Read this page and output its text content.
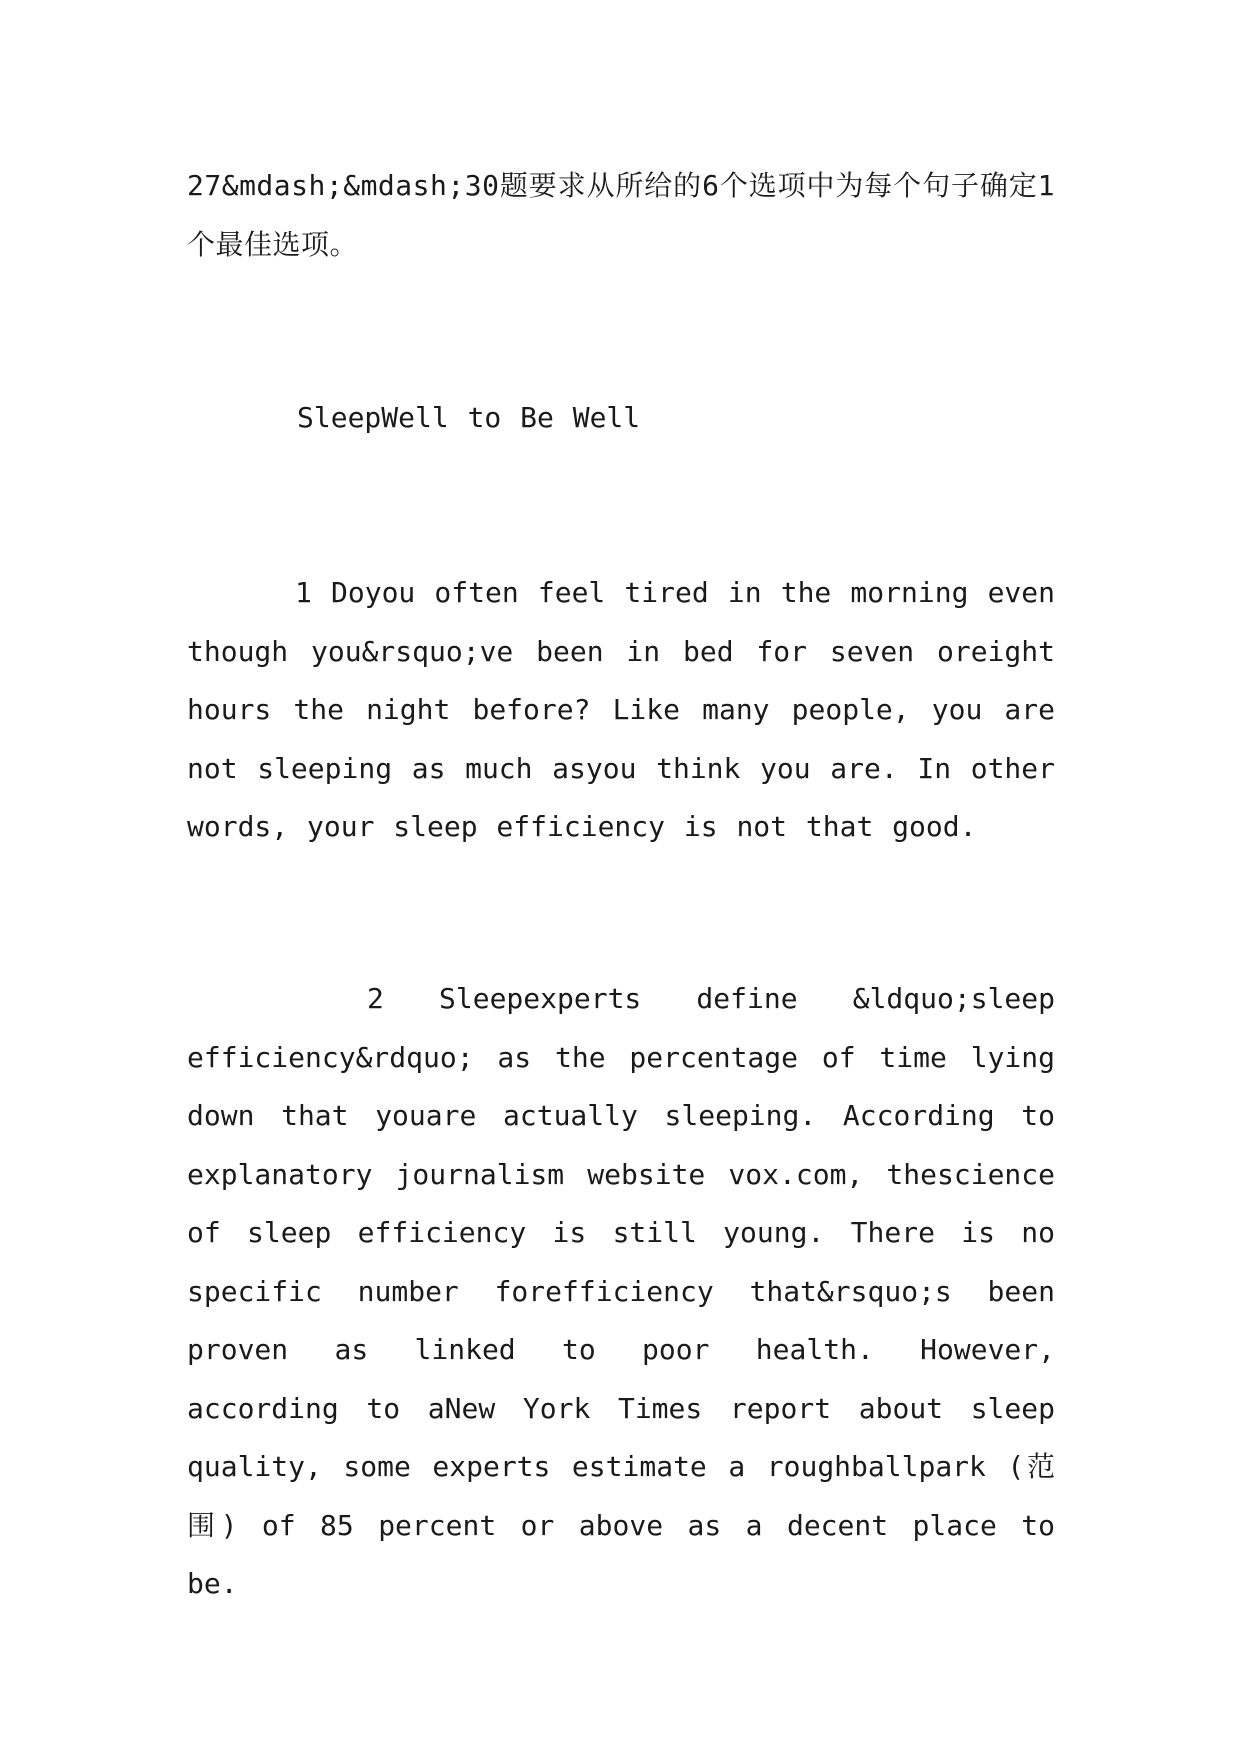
27&mdash;&mdash;30题要求从所给的6个选项中为每个句子确定1个最佳选项。

SleepWell to Be Well

1 Doyou often feel tired in the morning even though you&rsquo;ve been in bed for seven oreight hours the night before? Like many people, you are not sleeping as much asyou think you are. In other words, your sleep efficiency is not that good.

2 Sleepexperts define &ldquo;sleep efficiency&rdquo; as the percentage of time lying down that youare actually sleeping. According to explanatory journalism website vox.com, thescience of sleep efficiency is still young. There is no specific number forefficiency that&rsquo;s been proven as linked to poor health. However, according to aNew York Times report about sleep quality, some experts estimate a roughballpark (范围) of 85 percent or above as a decent place to be.
